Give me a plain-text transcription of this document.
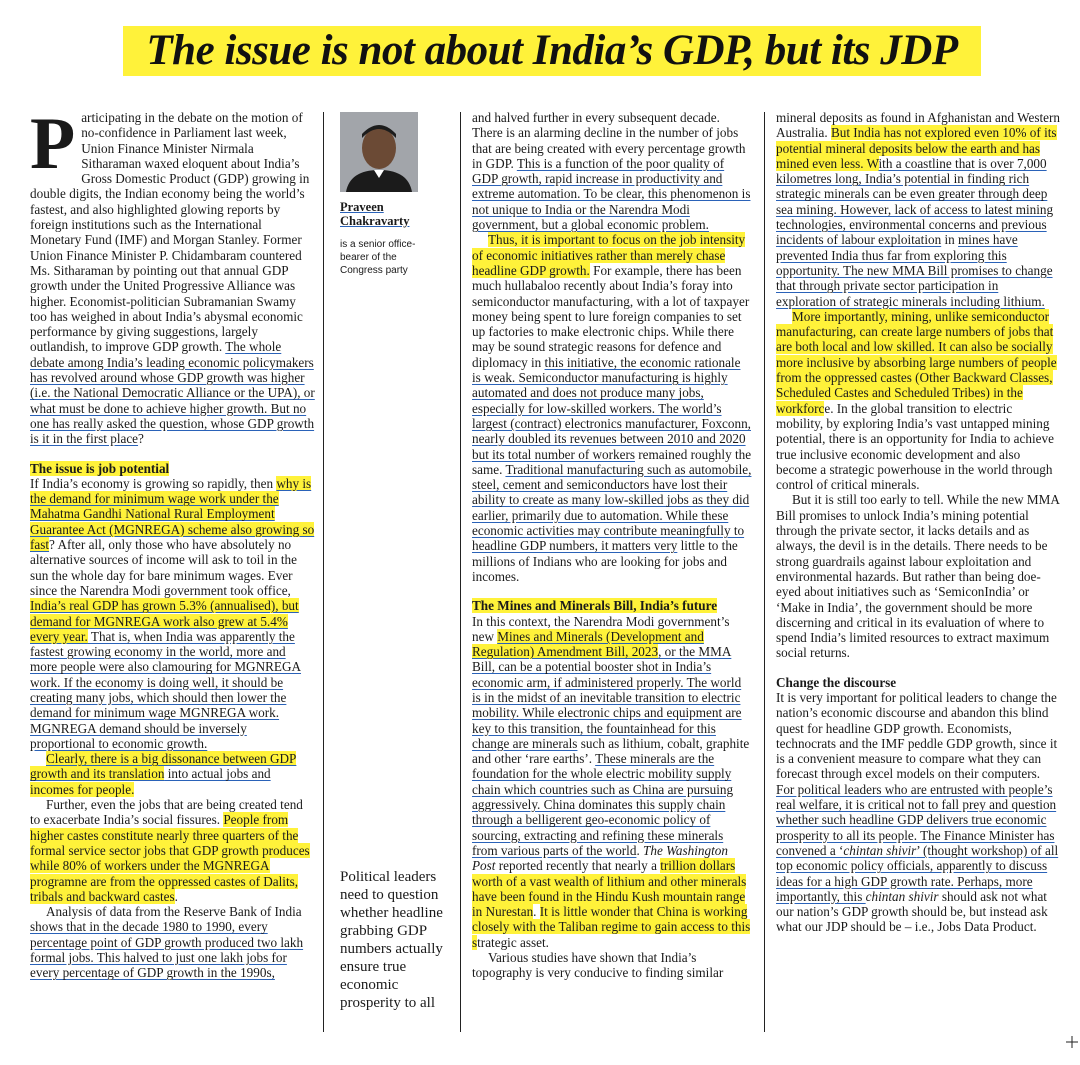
The issue is not about India’s GDP, but its JDP

Participating in the debate on the motion of no-confidence in Parliament last week, Union Finance Minister Nirmala Sitharaman waxed eloquent about India’s Gross Domestic Product (GDP) growing in double digits, the Indian economy being the world’s fastest, and also highlighted glowing reports by foreign institutions such as the International Monetary Fund (IMF) and Morgan Stanley. Former Union Finance Minister P. Chidambaram countered Ms. Sitharaman by pointing out that annual GDP growth under the United Progressive Alliance was higher. Economist-politician Subramanian Swamy too has weighed in about India’s abysmal economic performance by giving suggestions, largely outlandish, to improve GDP growth. The whole debate among India’s leading economic policymakers has revolved around whose GDP growth was higher (i.e. the National Democratic Alliance or the UPA), or what must be done to achieve higher growth. But no one has really asked the question, whose GDP growth is it in the first place?

The issue is job potential

If India’s economy is growing so rapidly, then why is the demand for minimum wage work under the Mahatma Gandhi National Rural Employment Guarantee Act (MGNREGA) scheme also growing so fast? After all, only those who have absolutely no alternative sources of income will ask to toil in the sun the whole day for bare minimum wages. Ever since the Narendra Modi government took office, India’s real GDP has grown 5.3% (annualised), but demand for MGNREGA work also grew at 5.4% every year. That is, when India was apparently the fastest growing economy in the world, more and more people were also clamouring for MGNREGA work. If the economy is doing well, it should be creating many jobs, which should then lower the demand for minimum wage MGNREGA work. MGNREGA demand should be inversely proportional to economic growth.

Clearly, there is a big dissonance between GDP growth and its translation into actual jobs and incomes for people.

Further, even the jobs that are being created tend to exacerbate India’s social fissures. People from higher castes constitute nearly three quarters of the formal service sector jobs that GDP growth produces while 80% of workers under the MGNREGA programne are from the oppressed castes of Dalits, tribals and backward castes.

Analysis of data from the Reserve Bank of India shows that in the decade 1980 to 1990, every percentage point of GDP growth produced two lakh formal jobs. This halved to just one lakh jobs for every percentage of GDP growth in the 1990s,

Praveen Chakravarty
is a senior office-bearer of the Congress party
Political leaders need to question whether headline grabbing GDP numbers actually ensure true economic prosperity to all

and halved further in every subsequent decade. There is an alarming decline in the number of jobs that are being created with every percentage growth in GDP. This is a function of the poor quality of GDP growth, rapid increase in productivity and extreme automation. To be clear, this phenomenon is not unique to India or the Narendra Modi government, but a global economic problem.

Thus, it is important to focus on the job intensity of economic initiatives rather than merely chase headline GDP growth. For example, there has been much hullabaloo recently about India’s foray into semiconductor manufacturing, with a lot of taxpayer money being spent to lure foreign companies to set up factories to make electronic chips. While there may be sound strategic reasons for defence and diplomacy in this initiative, the economic rationale is weak. Semiconductor manufacturing is highly automated and does not produce many jobs, especially for low-skilled workers. The world’s largest (contract) electronics manufacturer, Foxconn, nearly doubled its revenues between 2010 and 2020 but its total number of workers remained roughly the same. Traditional manufacturing such as automobile, steel, cement and semiconductors have lost their ability to create as many low-skilled jobs as they did earlier, primarily due to automation. While these economic activities may contribute meaningfully to headline GDP numbers, it matters very little to the millions of Indians who are looking for jobs and incomes.

The Mines and Minerals Bill, India’s future

In this context, the Narendra Modi government’s new Mines and Minerals (Development and Regulation) Amendment Bill, 2023, or the MMA Bill, can be a potential booster shot in India’s economic arm, if administered properly. The world is in the midst of an inevitable transition to electric mobility. While electronic chips and equipment are key to this transition, the fountainhead for this change are minerals such as lithium, cobalt, graphite and other ‘rare earths’. These minerals are the foundation for the whole electric mobility supply chain which countries such as China are pursuing aggressively. China dominates this supply chain through a belligerent geo-economic policy of sourcing, extracting and refining these minerals from various parts of the world. The Washington Post reported recently that nearly a trillion dollars worth of a vast wealth of lithium and other minerals have been found in the Hindu Kush mountain range in Nurestan. It is little wonder that China is working closely with the Taliban regime to gain access to this strategic asset.

Various studies have shown that India’s topography is very conducive to finding similar

mineral deposits as found in Afghanistan and Western Australia. But India has not explored even 10% of its potential mineral deposits below the earth and has mined even less. With a coastline that is over 7,000 kilometres long, India’s potential in finding rich strategic minerals can be even greater through deep sea mining. However, lack of access to latest mining technologies, environmental concerns and previous incidents of labour exploitation in mines have prevented India thus far from exploring this opportunity. The new MMA Bill promises to change that through private sector participation in exploration of strategic minerals including lithium.

More importantly, mining, unlike semiconductor manufacturing, can create large numbers of jobs that are both local and low skilled. It can also be socially more inclusive by absorbing large numbers of people from the oppressed castes (Other Backward Classes, Scheduled Castes and Scheduled Tribes) in the workforce. In the global transition to electric mobility, by exploring India’s vast untapped mining potential, there is an opportunity for India to achieve true inclusive economic development and also become a strategic powerhouse in the world through control of critical minerals.

But it is still too early to tell. While the new MMA Bill promises to unlock India’s mining potential through the private sector, it lacks details and as always, the devil is in the details. There needs to be strong guardrails against labour exploitation and environmental hazards. But rather than being doe-eyed about initiatives such as ‘SemiconIndia’ or ‘Make in India’, the government should be more discerning and critical in its evaluation of where to spend India’s limited resources to extract maximum social returns.

Change the discourse

It is very important for political leaders to change the nation’s economic discourse and abandon this blind quest for headline GDP growth. Economists, technocrats and the IMF peddle GDP growth, since it is a convenient measure to compare what they can forecast through excel models on their computers. For political leaders who are entrusted with people’s real welfare, it is critical not to fall prey and question whether such headline GDP delivers true economic prosperity to all its people. The Finance Minister has convened a ‘chintan shivir’ (thought workshop) of all top economic policy officials, apparently to discuss ideas for a high GDP growth rate. Perhaps, more importantly, this chintan shivir should ask not what our nation’s GDP growth should be, but instead ask what our JDP should be – i.e., Jobs Data Product.
